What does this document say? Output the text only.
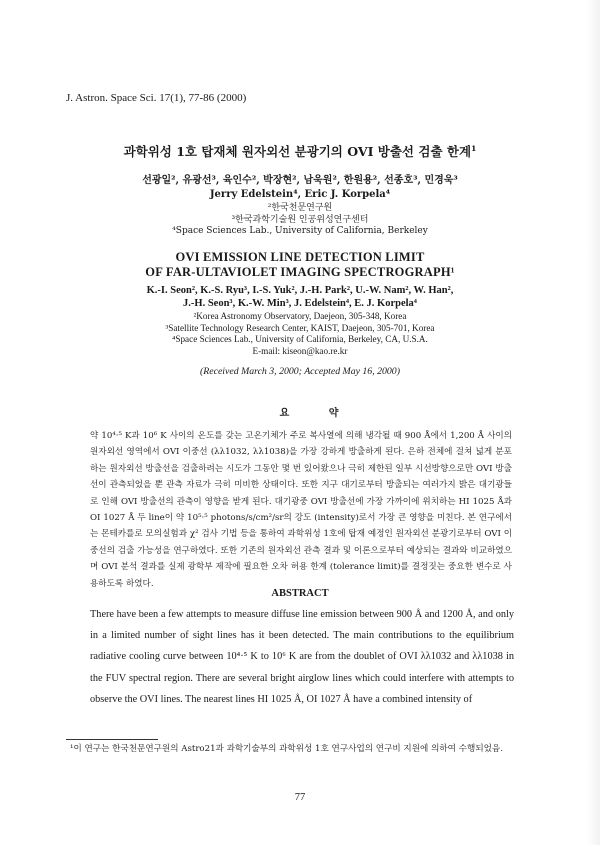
J. Astron. Space Sci. 17(1), 77-86 (2000)
과학위성 1호 탑재체 원자외선 분광기의 OVI 방출선 검출 한계$^1$
선광일², 유광선³, 육인수², 박장현², 남욱원², 한원용², 선종호³, 민경욱³
Jerry Edelstein⁴, Eric J. Korpela⁴
²한국천문연구원
³한국과학기술원 인공위성연구센터
⁴Space Sciences Lab., University of California, Berkeley
OVI EMISSION LINE DETECTION LIMIT
OF FAR-ULTAVIOLET IMAGING SPECTROGRAPH¹
K.-I. Seon², K.-S. Ryu³, I.-S. Yuk², J.-H. Park², U.-W. Nam², W. Han²,
J.-H. Seon³, K.-W. Min³, J. Edelstein⁴, E. J. Korpela⁴
²Korea Astronomy Observatory, Daejeon, 305-348, Korea
³Satellite Technology Research Center, KAIST, Daejeon, 305-701, Korea
⁴Space Sciences Lab., University of California, Berkeley, CA, U.S.A.
E-mail: kiseon@kao.re.kr
(Received March 3, 2000; Accepted May 16, 2000)
요 약

약 10⁴·⁵ K과 10⁶ K 사이의 온도를 갖는 고온기체가 주로 복사열에 의해 냉각될 때 900 Å에서 1,200 Å 사이의 원자외선 영역에서 OVI 이중선 (λλ1032, λλ1038)을 가장 강하게 방출하게 된다. 은하 전체에 걸쳐 넓게 분포하는 원자외선 방출선을 검출하려는 시도가 그동안 몇 번 있어왔으나 극히 제한된 일부 시선방향으로만 OVI 방출선이 관측되었을 뿐 관측 자료가 극히 미비한 상태이다. 또한 지구 대기로부터 방출되는 여러가지 밝은 대기광들로 인해 OVI 방출선의 관측이 영향을 받게 된다. 대기광중 OVI 방출선에 가장 가까이에 위치하는 HI 1025 Å과 OI 1027 Å 두 line이 약 10⁵·⁵ photons/s/cm²/sr의 강도 (intensity)로서 가장 큰 영향을 미친다. 본 연구에서는 몬테카를로 모의실험과 χ² 검사 기법 등을 통하여 과학위성 1호에 탑재 예정인 원자외선 분광기로부터 OVI 이중선의 검출 가능성을 연구하였다. 또한 기존의 원자외선 관측 결과 및 이론으로부터 예상되는 결과와 비교하였으며 OVI 분석 결과를 실제 광학부 제작에 필요한 오차 허용 한계 (tolerance limit)를 결정짓는 중요한 변수로 사용하도록 하였다.

ABSTRACT

There have been a few attempts to measure diffuse line emission between 900 Å and 1200 Å, and only in a limited number of sight lines has it been detected. The main contributions to the equilibrium radiative cooling curve between 10⁴·⁵ K to 10⁶ K are from the doublet of OVI λλ1032 and λλ1038 in the FUV spectral region. There are several bright airglow lines which could interfere with attempts to observe the OVI lines. The nearest lines HI 1025 Å, OI 1027 Å have a combined intensity of

¹이 연구는 한국천문연구원의 Astro21과 과학기술부의 과학위성 1호 연구사업의 연구비 지원에 의하여 수행되었음.
77
